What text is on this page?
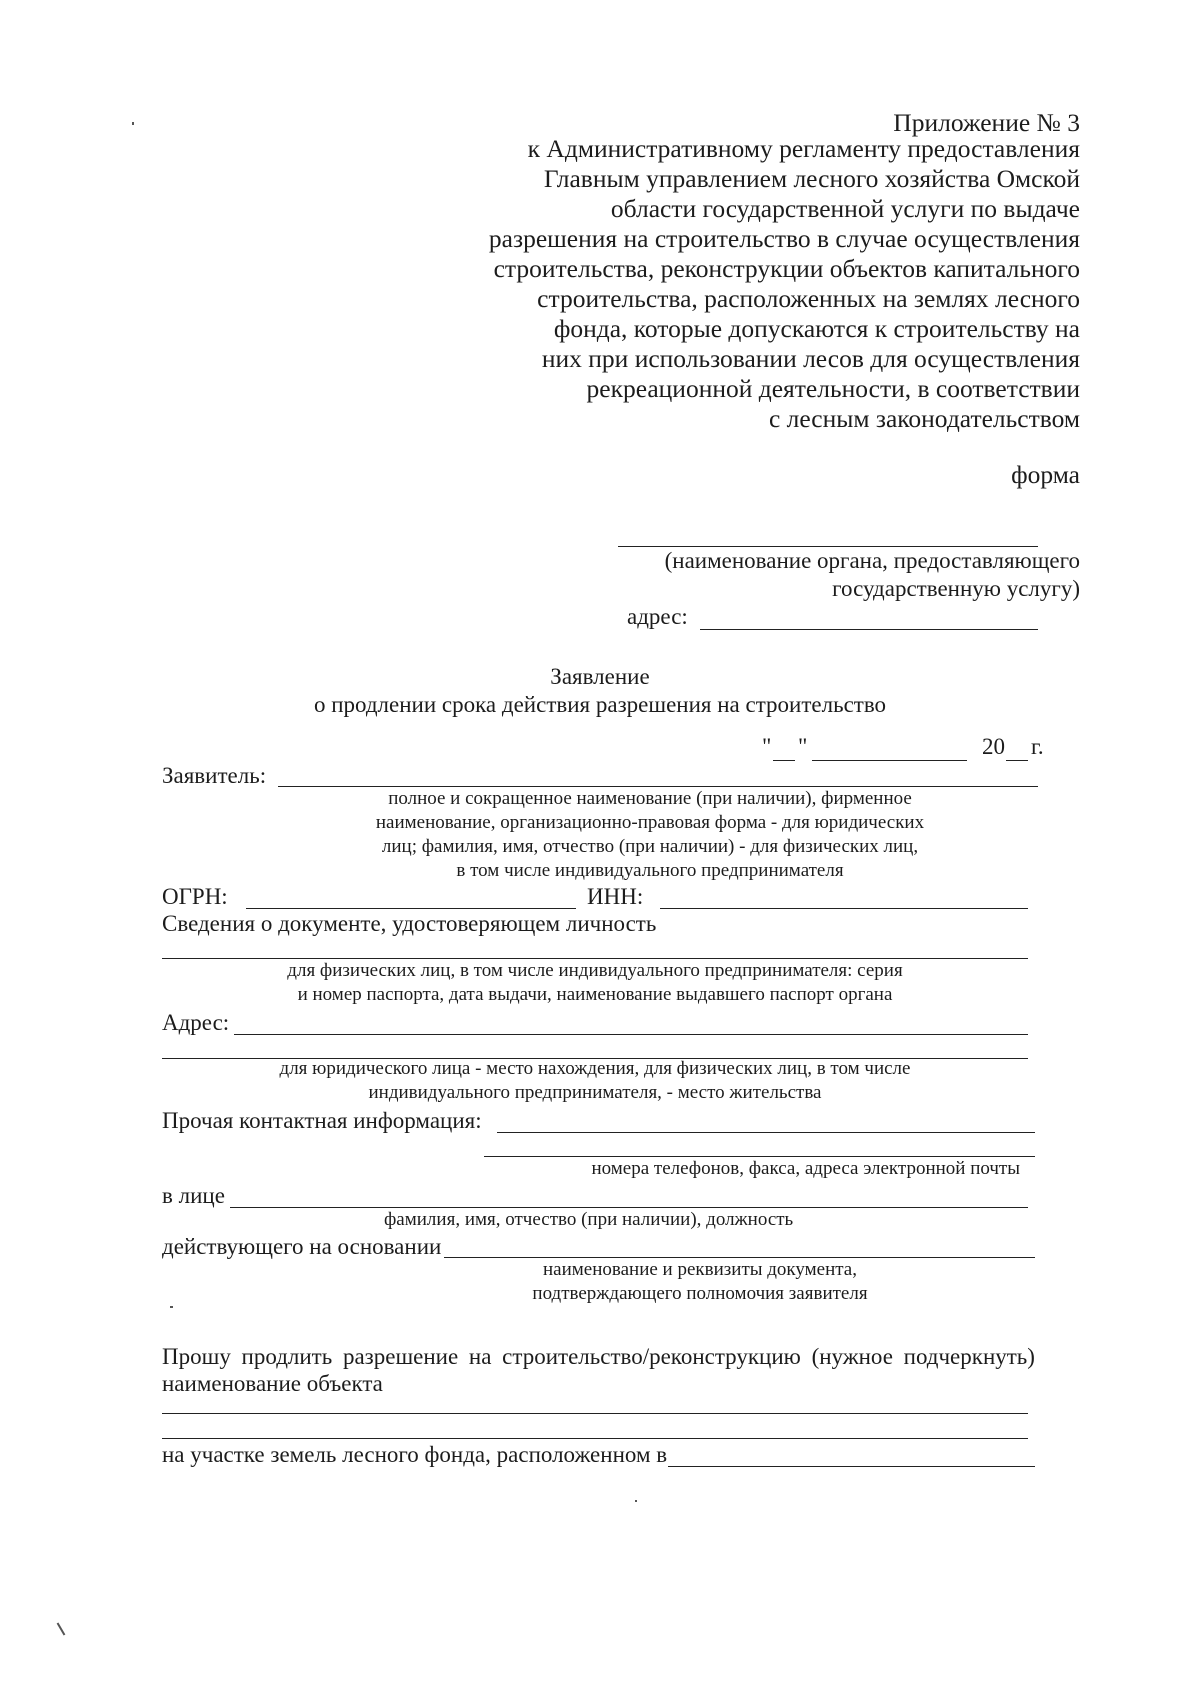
Приложение № 3
к Административному регламенту предоставления
Главным управлением лесного хозяйства Омской
области государственной услуги по выдаче
разрешения на строительство в случае осуществления
строительства, реконструкции объектов капитального
строительства, расположенных на землях лесного
фонда, которые допускаются к строительству на
них при использовании лесов для осуществления
рекреационной деятельности, в соответствии
с лесным законодательством
форма
(наименование органа, предоставляющего
государственную услугу)
адрес:
Заявление
о продлении срока действия разрешения на строительство
" "	20 г.
Заявитель:
полное и сокращенное наименование (при наличии), фирменное
наименование, организационно-правовая форма - для юридических
лиц; фамилия, имя, отчество (при наличии) - для физических лиц,
в том числе индивидуального предпринимателя
ОГРН:	ИНН:
Сведения о документе, удостоверяющем личность
для физических лиц, в том числе индивидуального предпринимателя: серия
и номер паспорта, дата выдачи, наименование выдавшего паспорт органа
Адрес:
для юридического лица - место нахождения, для физических лиц, в том числе
индивидуального предпринимателя, - место жительства
Прочая контактная информация:
номера телефонов, факса, адреса электронной почты
в лице
фамилия, имя, отчество (при наличии), должность
действующего на основании
наименование и реквизиты документа,
подтверждающего полномочия заявителя
Прошу продлить разрешение на строительство/реконструкцию (нужное подчеркнуть)
наименование объекта
на участке земель лесного фонда, расположенном в
